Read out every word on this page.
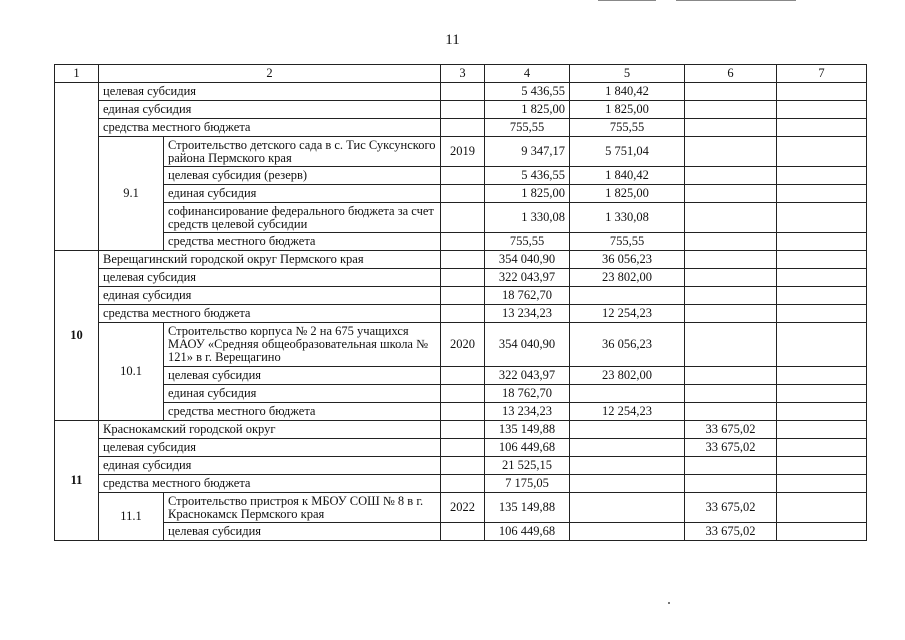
11
1	2		3	4	5	6	7
	целевая субсидия			5 436,55	1 840,42		
	единая субсидия			1 825,00	1 825,00		
	средства местного бюджета			755,55	755,55		
	9.1	Строительство детского сада в с. Тис Суксунского района Пермского края	2019	9 347,17	5 751,04		
		целевая субсидия (резерв)		5 436,55	1 840,42		
		единая субсидия		1 825,00	1 825,00		
		софинансирование федерального бюджета за счет средств целевой субсидии		1 330,08	1 330,08		
		средства местного бюджета		755,55	755,55		
10	Верещагинский городской округ Пермского края			354 040,90	36 056,23		
	целевая субсидия			322 043,97	23 802,00		
	единая субсидия			18 762,70			
	средства местного бюджета			13 234,23	12 254,23		
	10.1	Строительство корпуса № 2 на 675 учащихся МАОУ «Средняя общеобразовательная школа № 121» в г. Верещагино	2020	354 040,90	36 056,23		
		целевая субсидия		322 043,97	23 802,00		
		единая субсидия		18 762,70			
		средства местного бюджета		13 234,23	12 254,23		
11	Краснокамский городской округ			135 149,88		33 675,02	
	целевая субсидия			106 449,68		33 675,02	
	единая субсидия			21 525,15			
	средства местного бюджета			7 175,05			
	11.1	Строительство пристроя к МБОУ СОШ № 8 в г. Краснокамск Пермского края	2022	135 149,88		33 675,02	
		целевая субсидия		106 449,68		33 675,02	
